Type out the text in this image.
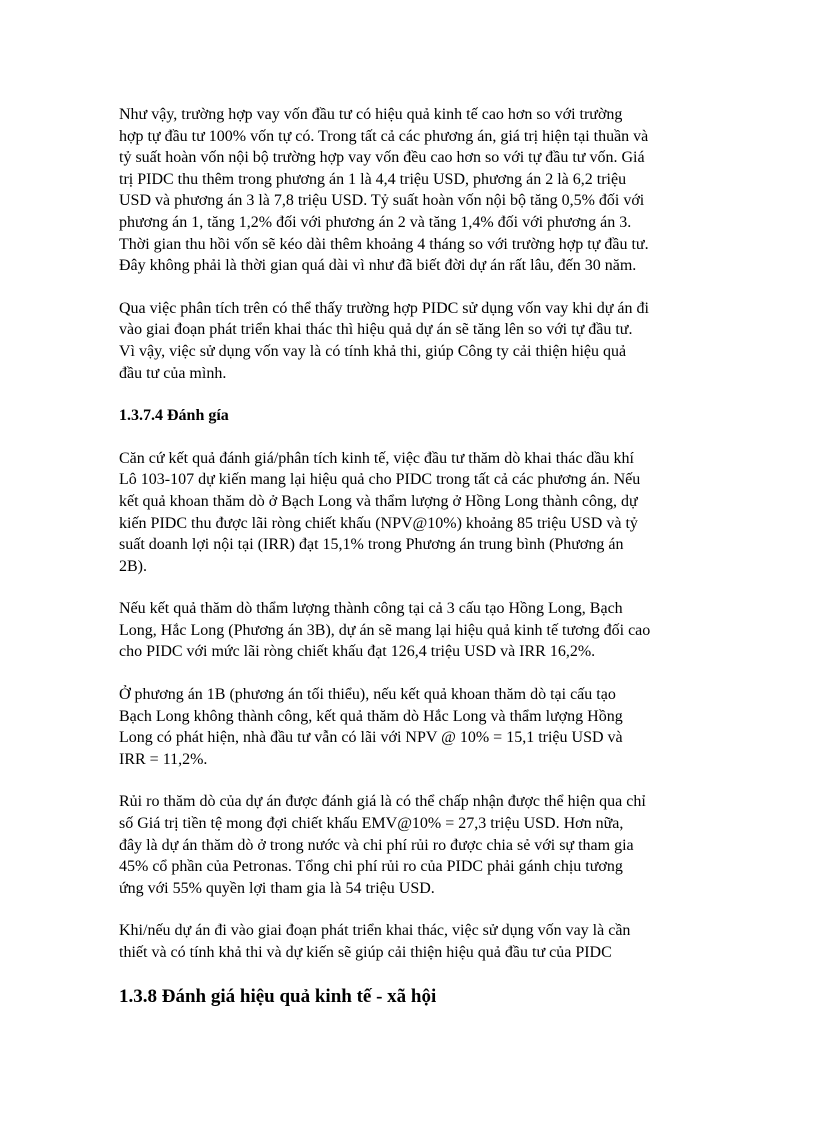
Như vậy, trường hợp vay vốn đầu tư có hiệu quả kinh tế cao hơn so với trường
hợp tự đầu tư 100% vốn tự có. Trong tất cả các phương án, giá trị hiện tại thuần và
tỷ suất hoàn vốn nội bộ trường hợp vay vốn đều cao hơn so với tự đầu tư vốn. Giá
trị PIDC thu thêm trong phương án 1 là 4,4 triệu USD, phương án 2 là 6,2 triệu
USD và phương án 3 là 7,8 triệu USD. Tỷ suất hoàn vốn nội bộ tăng 0,5% đối với
phương án 1, tăng 1,2% đối với phương án 2 và tăng 1,4% đối với phương án 3.
Thời gian thu hồi vốn sẽ kéo dài thêm khoảng 4 tháng so với trường hợp tự đầu tư.
Đây không phải là thời gian quá dài vì như đã biết đời dự án rất lâu, đến 30 năm.

Qua việc phân tích trên có thể thấy trường hợp PIDC sử dụng vốn vay khi dự án đi
vào giai đoạn phát triển khai thác thì hiệu quả dự án sẽ tăng lên so với tự đầu tư.
Vì vậy, việc sử dụng vốn vay là có tính khả thi, giúp Công ty cải thiện hiệu quả
đầu tư của mình.

1.3.7.4 Đánh gía

Căn cứ kết quả đánh giá/phân tích kinh tế, việc đầu tư thăm dò khai thác dầu khí
Lô 103-107 dự kiến mang lại hiệu quả cho PIDC trong tất cả các phương án. Nếu
kết quả khoan thăm dò ở Bạch Long và thẩm lượng ở Hồng Long thành công, dự
kiến PIDC thu được lãi ròng chiết khấu (NPV@10%) khoảng 85 triệu USD và tỷ
suất doanh lợi nội tại (IRR) đạt 15,1% trong Phương án trung bình (Phương án
2B).

Nếu kết quả thăm dò thẩm lượng thành công tại cả 3 cấu tạo Hồng Long, Bạch
Long, Hắc Long (Phương án 3B), dự án sẽ mang lại hiệu quả kinh tế tương đối cao
cho PIDC với mức lãi ròng chiết khấu đạt 126,4 triệu USD và IRR 16,2%.

Ở phương án 1B (phương án tối thiểu), nếu kết quả khoan thăm dò tại cấu tạo
Bạch Long không thành công, kết quả thăm dò Hắc Long và thẩm lượng Hồng
Long có phát hiện, nhà đầu tư vẫn có lãi với NPV @ 10% = 15,1 triệu USD và
IRR = 11,2%.

Rủi ro thăm dò của dự án được đánh giá là có thể chấp nhận được thể hiện qua chỉ
số Giá trị tiền tệ mong đợi chiết khấu EMV@10% = 27,3 triệu USD. Hơn nữa,
đây là dự án thăm dò ở trong nước và chi phí rủi ro được chia sẻ với sự tham gia
45% cổ phần của Petronas. Tổng chi phí rủi ro của PIDC phải gánh chịu tương
ứng với 55% quyền lợi tham gia là 54 triệu USD.

Khi/nếu dự án đi vào giai đoạn phát triển khai thác, việc sử dụng vốn vay là cần
thiết và có tính khả thi và dự kiến sẽ giúp cải thiện hiệu quả đầu tư của PIDC

1.3.8 Đánh giá hiệu quả kinh tế - xã hội
